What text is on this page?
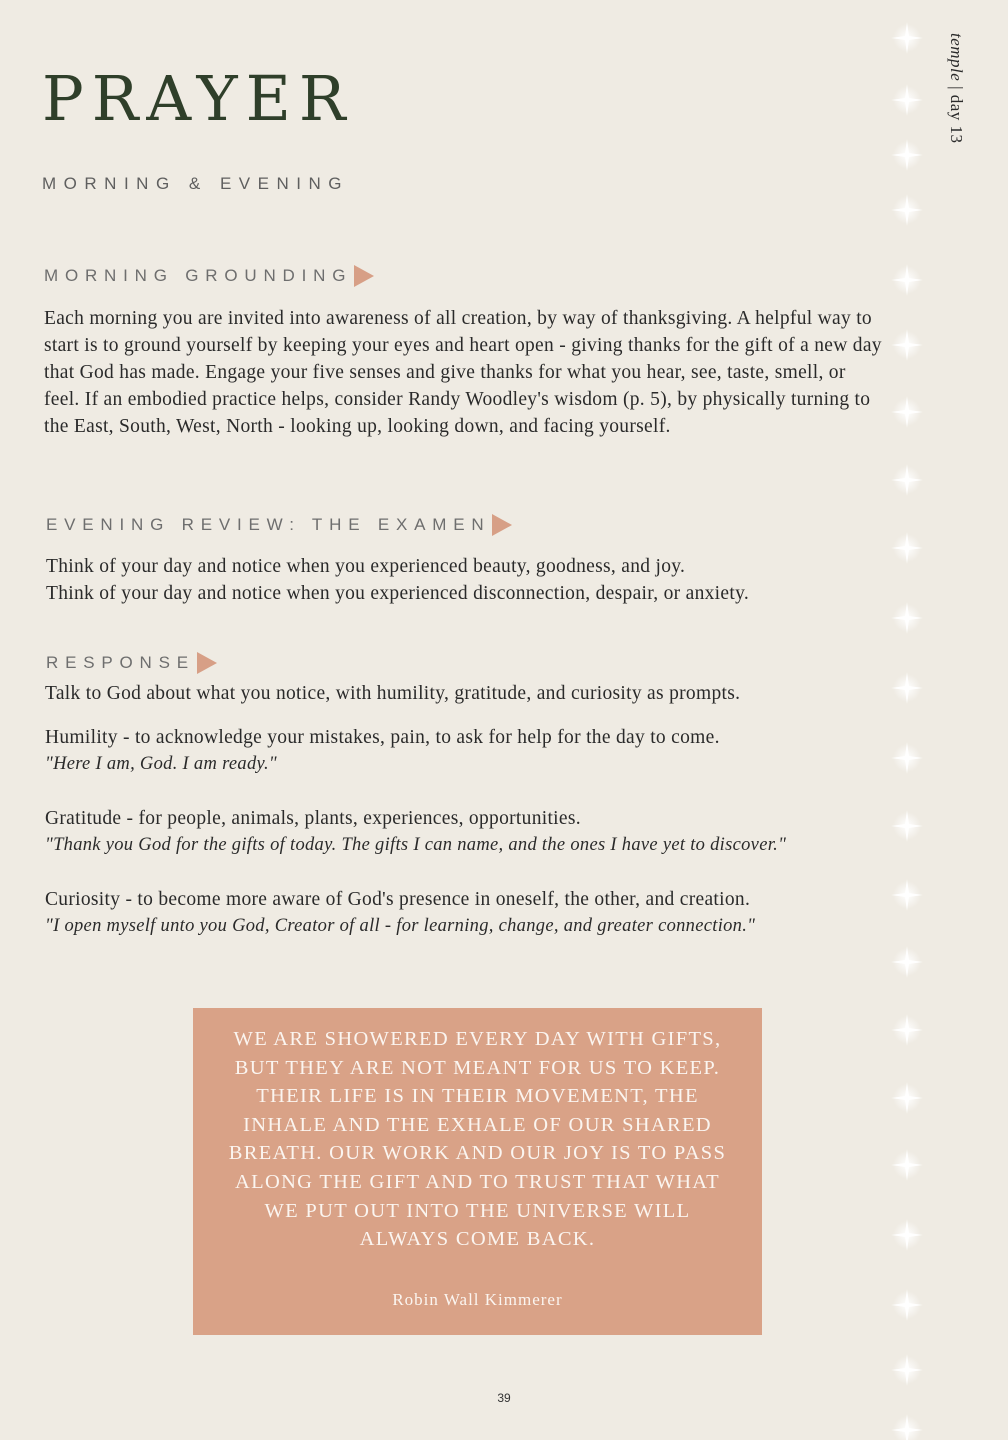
PRAYER
MORNING & EVENING
temple | day 13
MORNING GROUNDING

Each morning you are invited into awareness of all creation, by way of thanksgiving. A helpful way to start is to ground yourself by keeping your eyes and heart open - giving thanks for the gift of a new day that God has made. Engage your five senses and give thanks for what you hear, see, taste, smell, or feel. If an embodied practice helps, consider Randy Woodley's wisdom (p. 5), by physically turning to the East, South, West, North - looking up, looking down, and facing yourself.

EVENING REVIEW: THE EXAMEN

Think of your day and notice when you experienced beauty, goodness, and joy.

Think of your day and notice when you experienced disconnection, despair, or anxiety.

RESPONSE

Talk to God about what you notice, with humility, gratitude, and curiosity as prompts.

Humility - to acknowledge your mistakes, pain, to ask for help for the day to come.

"Here I am, God. I am ready."

Gratitude - for people, animals, plants, experiences, opportunities.

"Thank you God for the gifts of today. The gifts I can name, and the ones I have yet to discover."

Curiosity - to become more aware of God's presence in oneself, the other, and creation.

"I open myself unto you God, Creator of all - for learning, change, and greater connection."

WE ARE SHOWERED EVERY DAY WITH GIFTS, BUT THEY ARE NOT MEANT FOR US TO KEEP. THEIR LIFE IS IN THEIR MOVEMENT, THE INHALE AND THE EXHALE OF OUR SHARED BREATH. OUR WORK AND OUR JOY IS TO PASS ALONG THE GIFT AND TO TRUST THAT WHAT WE PUT OUT INTO THE UNIVERSE WILL ALWAYS COME BACK.
Robin Wall Kimmerer
39
